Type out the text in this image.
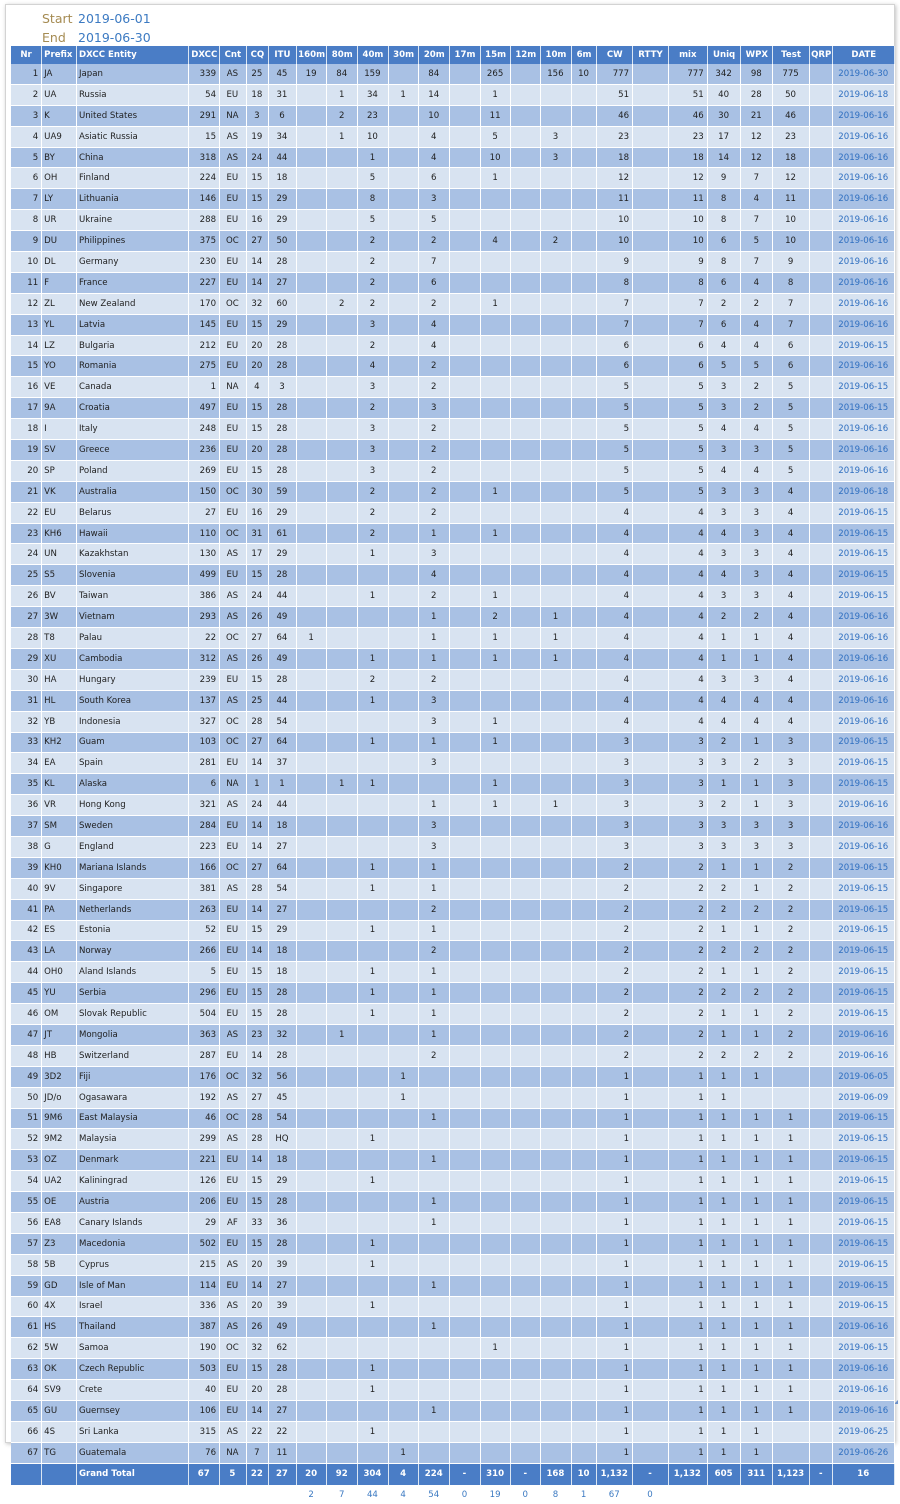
Start 2019-06-01
End 2019-06-30
Nr	Prefix	DXCC Entity	DXCC	Cnt	CQ	ITU	160m	80m	40m	30m	20m	17m	15m	12m	10m	6m	CW	RTTY	mix	Uniq	WPX	Test	QRP	DATE
1	JA	Japan	339	AS	25	45	19	84	159		84		265		156	10	777		777	342	98	775		2019-06-30
2	UA	Russia	54	EU	18	31		1	34	1	14		1				51		51	40	28	50		2019-06-18
3	K	United States	291	NA	3	6		2	23		10		11				46		46	30	21	46		2019-06-16
4	UA9	Asiatic Russia	15	AS	19	34		1	10		4		5		3		23		23	17	12	23		2019-06-16
5	BY	China	318	AS	24	44			1		4		10		3		18		18	14	12	18		2019-06-16
6	OH	Finland	224	EU	15	18			5		6		1				12		12	9	7	12		2019-06-16
7	LY	Lithuania	146	EU	15	29			8		3						11		11	8	4	11		2019-06-16
8	UR	Ukraine	288	EU	16	29			5		5						10		10	8	7	10		2019-06-16
9	DU	Philippines	375	OC	27	50			2		2		4		2		10		10	6	5	10		2019-06-16
10	DL	Germany	230	EU	14	28			2		7						9		9	8	7	9		2019-06-16
11	F	France	227	EU	14	27			2		6						8		8	6	4	8		2019-06-16
12	ZL	New Zealand	170	OC	32	60		2	2		2		1				7		7	2	2	7		2019-06-16
13	YL	Latvia	145	EU	15	29			3		4						7		7	6	4	7		2019-06-16
14	LZ	Bulgaria	212	EU	20	28			2		4						6		6	4	4	6		2019-06-15
15	YO	Romania	275	EU	20	28			4		2						6		6	5	5	6		2019-06-16
16	VE	Canada	1	NA	4	3			3		2						5		5	3	2	5		2019-06-15
17	9A	Croatia	497	EU	15	28			2		3						5		5	3	2	5		2019-06-15
18	I	Italy	248	EU	15	28			3		2						5		5	4	4	5		2019-06-16
19	SV	Greece	236	EU	20	28			3		2						5		5	3	3	5		2019-06-16
20	SP	Poland	269	EU	15	28			3		2						5		5	4	4	5		2019-06-16
21	VK	Australia	150	OC	30	59			2		2		1				5		5	3	3	4		2019-06-18
22	EU	Belarus	27	EU	16	29			2		2						4		4	3	3	4		2019-06-15
23	KH6	Hawaii	110	OC	31	61			2		1		1				4		4	4	3	4		2019-06-15
24	UN	Kazakhstan	130	AS	17	29			1		3						4		4	3	3	4		2019-06-15
25	S5	Slovenia	499	EU	15	28					4						4		4	4	3	4		2019-06-15
26	BV	Taiwan	386	AS	24	44			1		2		1				4		4	3	3	4		2019-06-15
27	3W	Vietnam	293	AS	26	49					1		2		1		4		4	2	2	4		2019-06-16
28	T8	Palau	22	OC	27	64	1				1		1		1		4		4	1	1	4		2019-06-16
29	XU	Cambodia	312	AS	26	49			1		1		1		1		4		4	1	1	4		2019-06-16
30	HA	Hungary	239	EU	15	28			2		2						4		4	3	3	4		2019-06-16
31	HL	South Korea	137	AS	25	44			1		3						4		4	4	4	4		2019-06-16
32	YB	Indonesia	327	OC	28	54					3		1				4		4	4	4	4		2019-06-16
33	KH2	Guam	103	OC	27	64			1		1		1				3		3	2	1	3		2019-06-15
34	EA	Spain	281	EU	14	37					3						3		3	3	2	3		2019-06-15
35	KL	Alaska	6	NA	1	1		1	1				1				3		3	1	1	3		2019-06-15
36	VR	Hong Kong	321	AS	24	44					1		1		1		3		3	2	1	3		2019-06-16
37	SM	Sweden	284	EU	14	18					3						3		3	3	3	3		2019-06-16
38	G	England	223	EU	14	27					3						3		3	3	3	3		2019-06-16
39	KH0	Mariana Islands	166	OC	27	64			1		1						2		2	1	1	2		2019-06-15
40	9V	Singapore	381	AS	28	54			1		1						2		2	2	1	2		2019-06-15
41	PA	Netherlands	263	EU	14	27					2						2		2	2	2	2		2019-06-15
42	ES	Estonia	52	EU	15	29			1		1						2		2	1	1	2		2019-06-15
43	LA	Norway	266	EU	14	18					2						2		2	2	2	2		2019-06-15
44	OH0	Aland Islands	5	EU	15	18			1		1						2		2	1	1	2		2019-06-15
45	YU	Serbia	296	EU	15	28			1		1						2		2	2	2	2		2019-06-15
46	OM	Slovak Republic	504	EU	15	28			1		1						2		2	1	1	2		2019-06-15
47	JT	Mongolia	363	AS	23	32		1			1						2		2	1	1	2		2019-06-16
48	HB	Switzerland	287	EU	14	28					2						2		2	2	2	2		2019-06-16
49	3D2	Fiji	176	OC	32	56				1							1		1	1	1			2019-06-05
50	JD/o	Ogasawara	192	AS	27	45				1							1		1	1				2019-06-09
51	9M6	East Malaysia	46	OC	28	54					1						1		1	1	1	1		2019-06-15
52	9M2	Malaysia	299	AS	28	HQ			1								1		1	1	1	1		2019-06-15
53	OZ	Denmark	221	EU	14	18					1						1		1	1	1	1		2019-06-15
54	UA2	Kaliningrad	126	EU	15	29			1								1		1	1	1	1		2019-06-15
55	OE	Austria	206	EU	15	28					1						1		1	1	1	1		2019-06-15
56	EA8	Canary Islands	29	AF	33	36					1						1		1	1	1	1		2019-06-15
57	Z3	Macedonia	502	EU	15	28			1								1		1	1	1	1		2019-06-15
58	5B	Cyprus	215	AS	20	39			1								1		1	1	1	1		2019-06-15
59	GD	Isle of Man	114	EU	14	27					1						1		1	1	1	1		2019-06-15
60	4X	Israel	336	AS	20	39			1								1		1	1	1	1		2019-06-15
61	HS	Thailand	387	AS	26	49					1						1		1	1	1	1		2019-06-16
62	5W	Samoa	190	OC	32	62							1				1		1	1	1	1		2019-06-15
63	OK	Czech Republic	503	EU	15	28			1								1		1	1	1	1		2019-06-16
64	SV9	Crete	40	EU	20	28			1								1		1	1	1	1		2019-06-16
65	GU	Guernsey	106	EU	14	27					1						1		1	1	1	1		2019-06-16
66	4S	Sri Lanka	315	AS	22	22			1								1		1	1	1			2019-06-25
67	TG	Guatemala	76	NA	7	11				1							1		1	1	1			2019-06-26
		Grand Total	67	5	22	27	20	92	304	4	224	-	310	-	168	10	1,132	-	1,132	605	311	1,123	-	16
							2	7	44	4	54	0	19	0	8	1	67	0						
